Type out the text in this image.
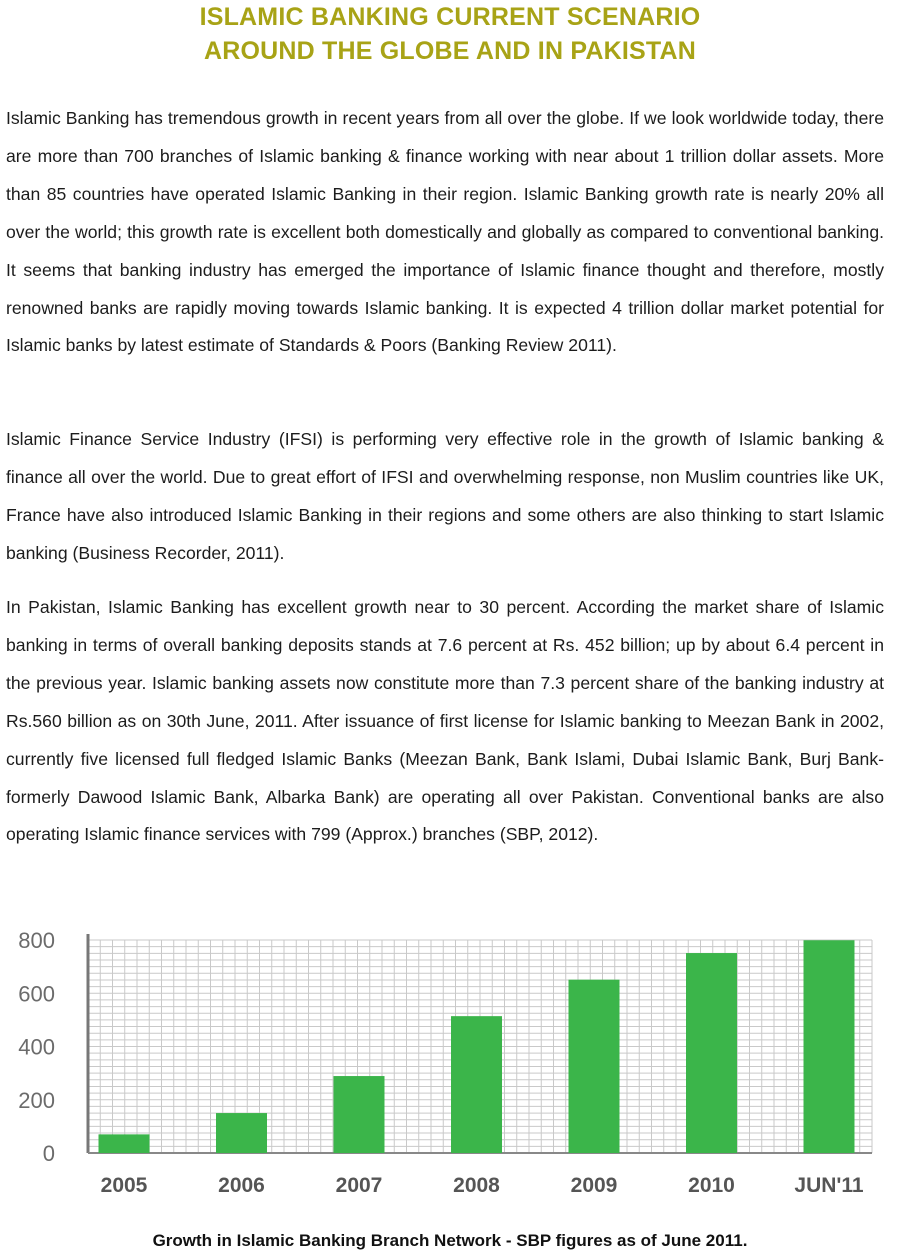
ISLAMIC BANKING CURRENT SCENARIO
AROUND THE GLOBE AND IN PAKISTAN

Islamic Banking has tremendous growth in recent years from all over the globe. If we look worldwide today, there are more than 700 branches of Islamic banking & finance working with near about 1 trillion dollar assets. More than 85 countries have operated Islamic Banking in their region. Islamic Banking growth rate is nearly 20% all over the world; this growth rate is excellent both domestically and globally as compared to conventional banking. It seems that banking industry has emerged the importance of Islamic finance thought and therefore, mostly renowned banks are rapidly moving towards Islamic banking. It is expected 4 trillion dollar market potential for Islamic banks by latest estimate of Standards & Poors (Banking Review 2011).

Islamic Finance Service Industry (IFSI) is performing very effective role in the growth of Islamic banking & finance all over the world. Due to great effort of IFSI and overwhelming response, non Muslim countries like UK, France have also introduced Islamic Banking in their regions and some others are also thinking to start Islamic banking (Business Recorder, 2011).

In Pakistan, Islamic Banking has excellent growth near to 30 percent. According the market share of Islamic banking in terms of overall banking deposits stands at 7.6 percent at Rs. 452 billion; up by about 6.4 percent in the previous year. Islamic banking assets now constitute more than 7.3 percent share of the banking industry at Rs.560 billion as on 30th June, 2011. After issuance of first license for Islamic banking to Meezan Bank in 2002, currently five licensed full fledged Islamic Banks (Meezan Bank, Bank Islami, Dubai Islamic Bank, Burj Bank-formerly Dawood Islamic Bank, Albarka Bank) are operating all over Pakistan. Conventional banks are also operating Islamic finance services with 799 (Approx.) branches (SBP, 2012).

0
200
400
600
800
2005	2006	2007	2008	2009	2010	JUN'11
Growth in Islamic Banking Branch Network - SBP figures as of June 2011.
